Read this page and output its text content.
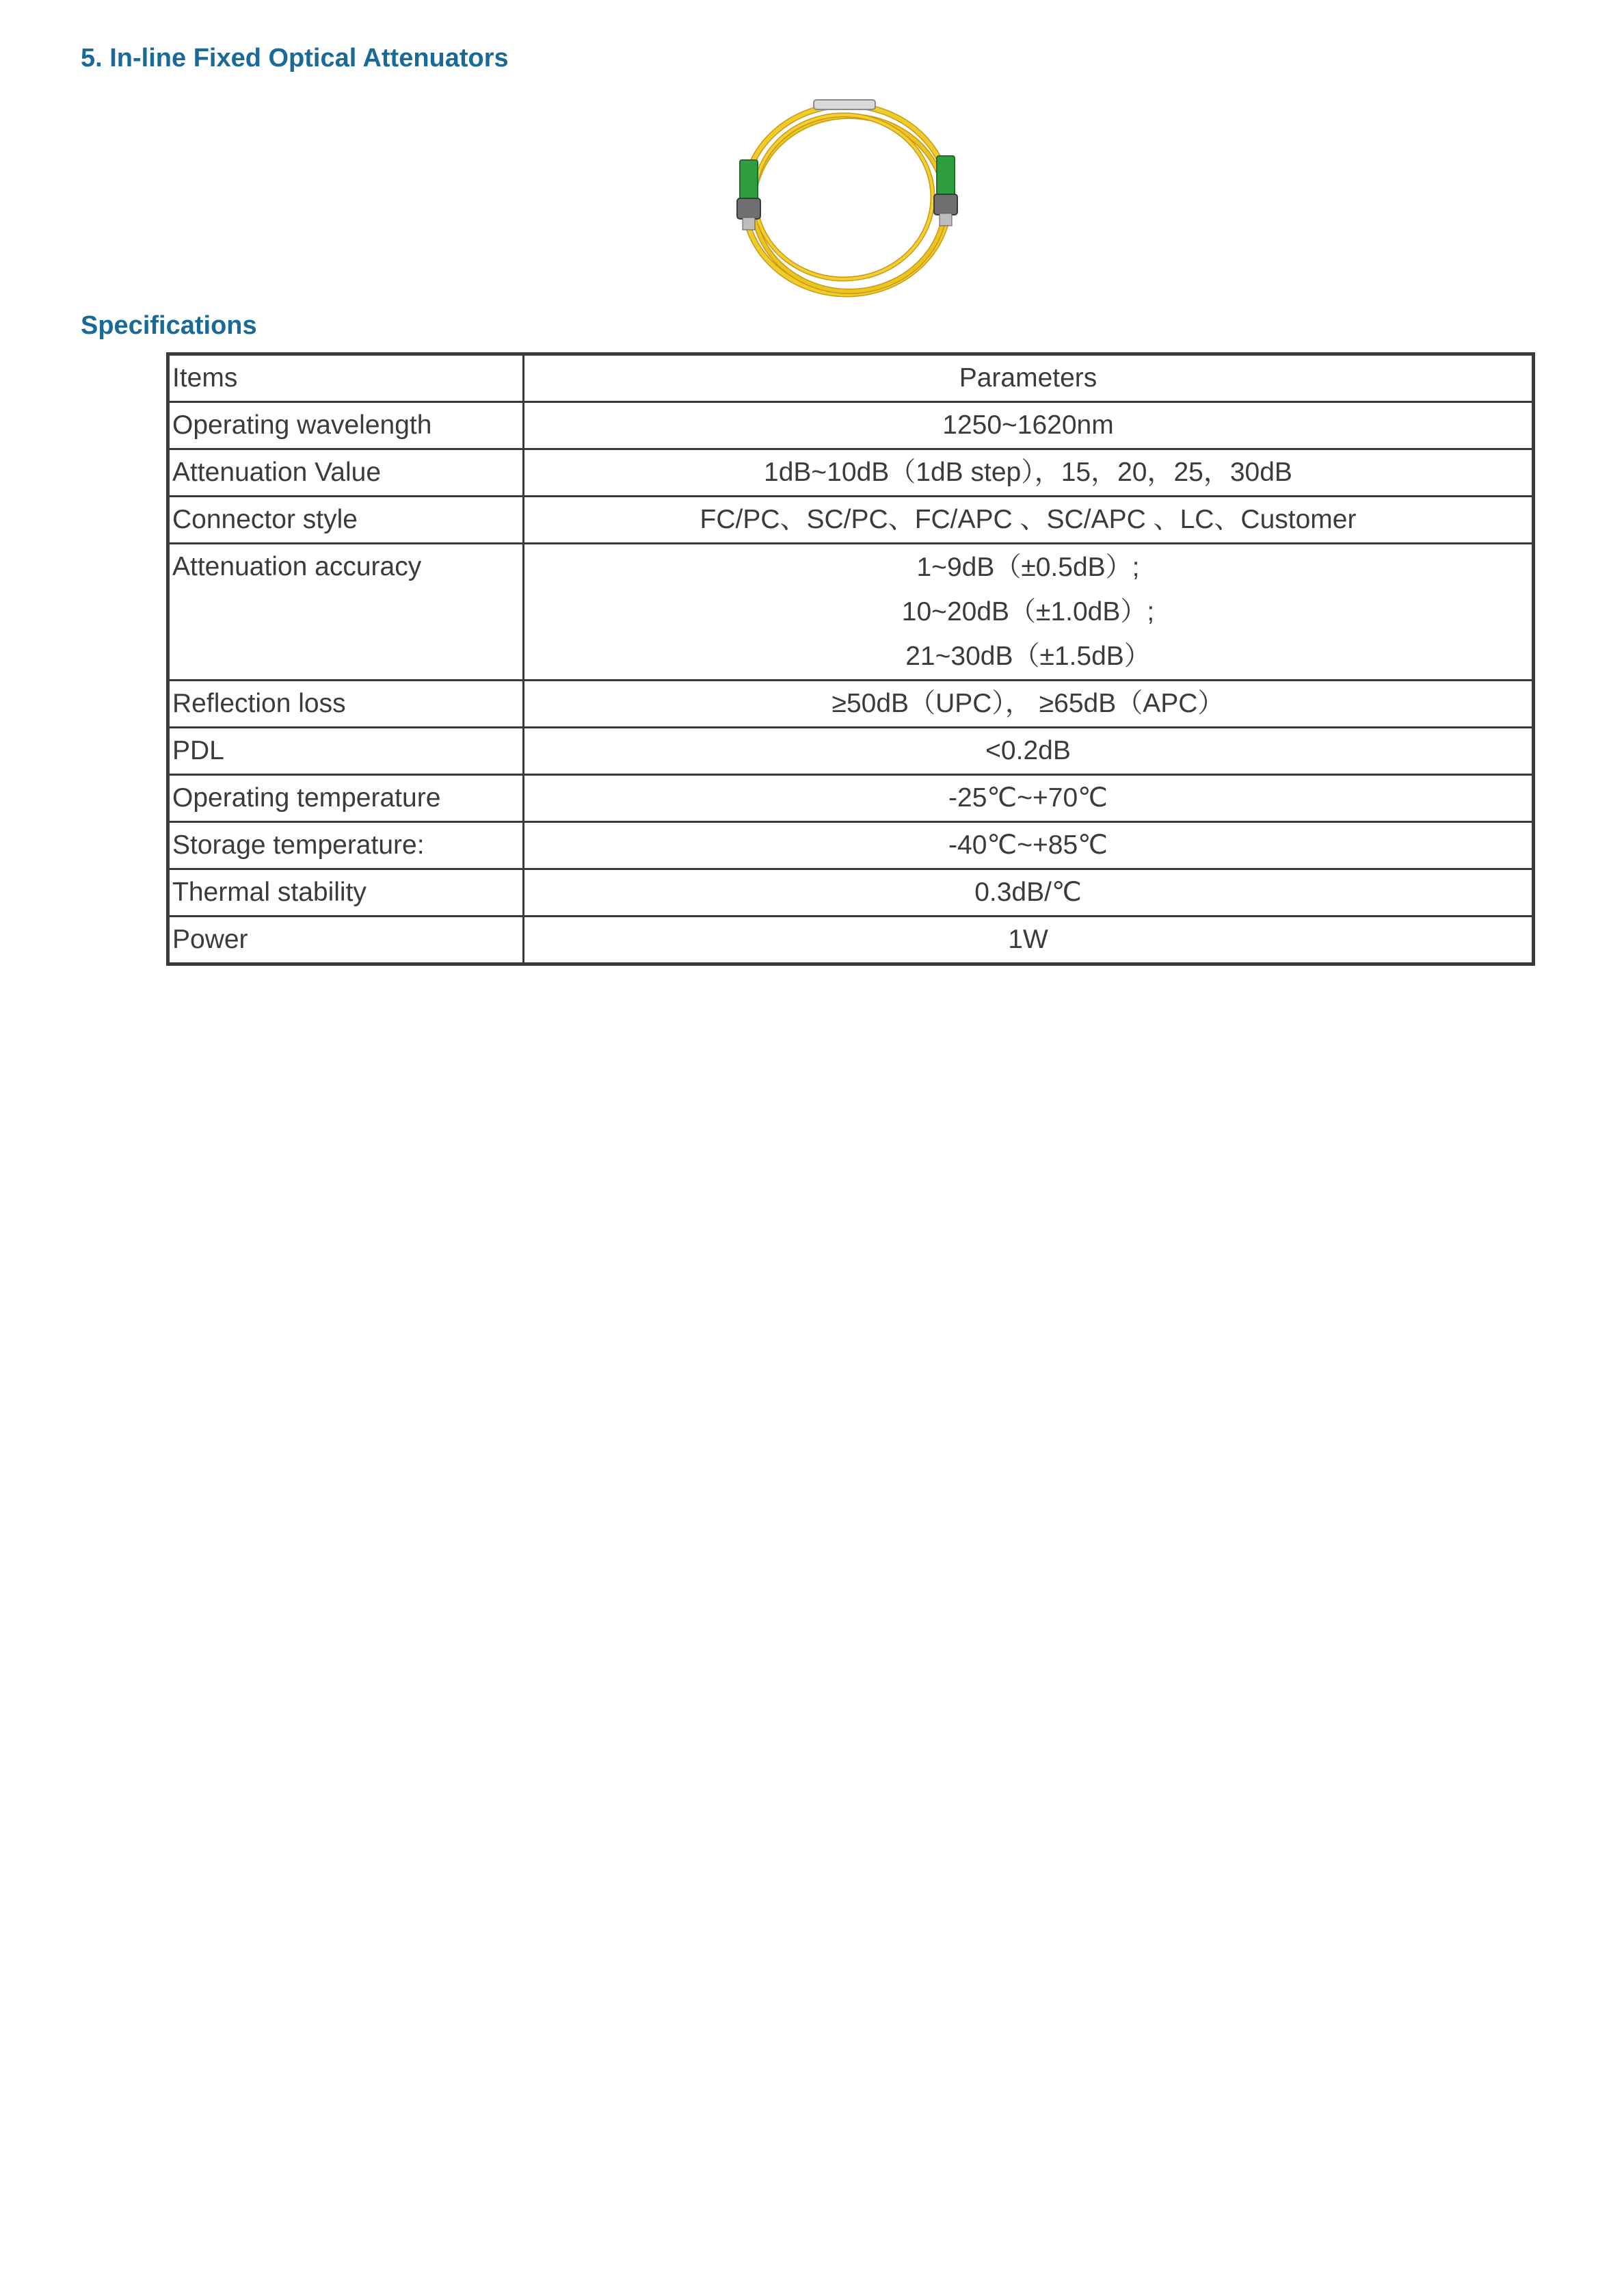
5. In-line Fixed Optical Attenuators
Specifications
Items	Parameters
Operating wavelength	1250~1620nm
Attenuation Value	1dB~10dB（1dB step），15，20，25，30dB
Connector style	FC/PC、SC/PC、FC/APC 、SC/APC 、LC、Customer
Attenuation accuracy	1~9dB（±0.5dB）;
10~20dB（±1.0dB）;
21~30dB（±1.5dB）

Reflection loss	≥50dB（UPC）， ≥65dB（APC）
PDL	<0.2dB
Operating temperature	-25℃~+70℃
Storage temperature:	-40℃~+85℃
Thermal stability	0.3dB/℃
Power	1W
